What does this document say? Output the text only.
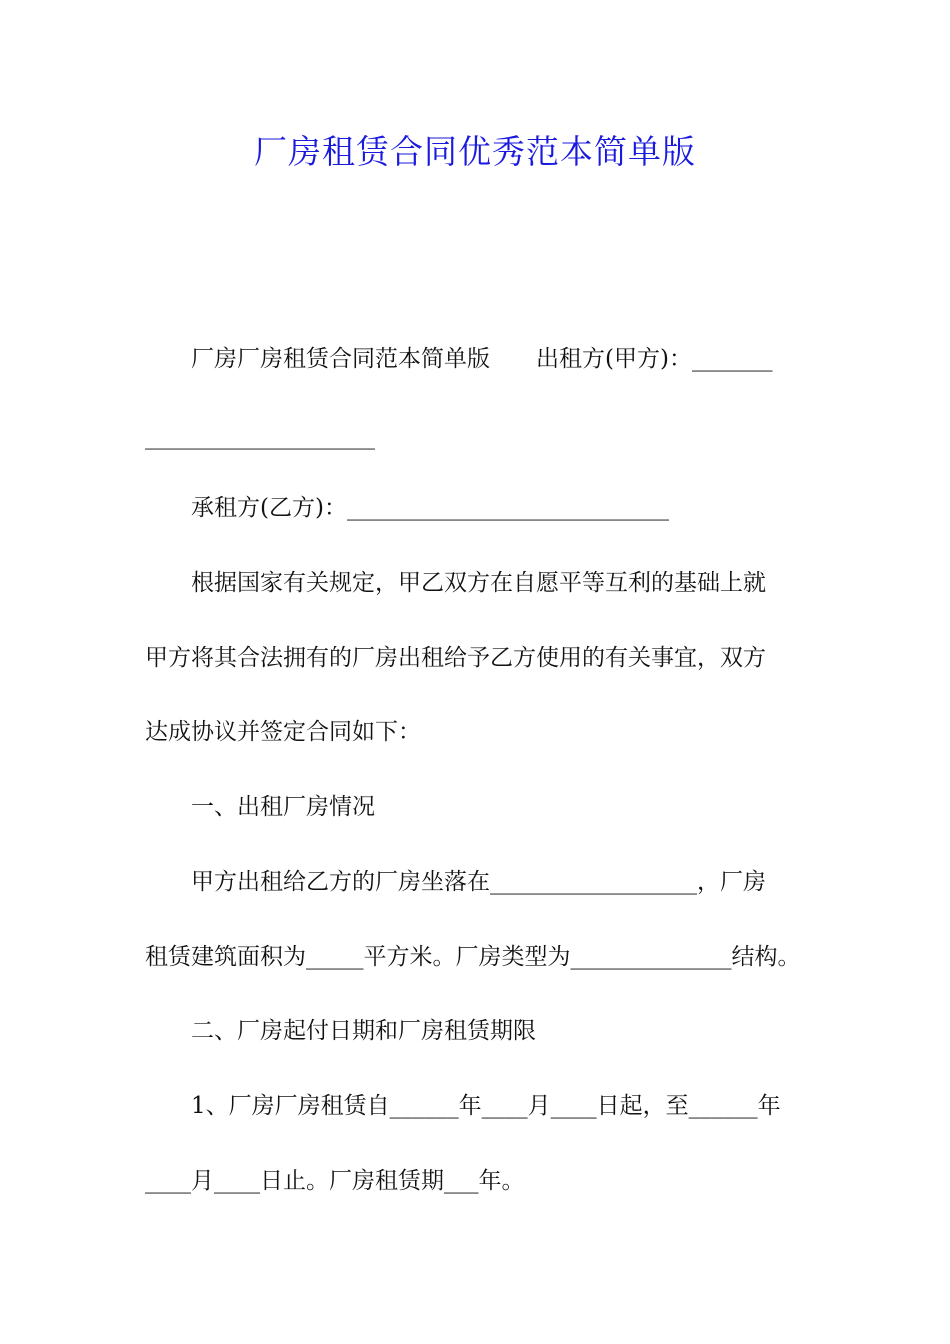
厂房租赁合同优秀范本简单版
　　厂房厂房租赁合同范本简单版　　出租方(甲方)：_______
____________________
　　承租方(乙方)：____________________________
　　根据国家有关规定，甲乙双方在自愿平等互利的基础上就
甲方将其合法拥有的厂房出租给予乙方使用的有关事宜，双方
达成协议并签定合同如下：
　　一、出租厂房情况
　　甲方出租给乙方的厂房坐落在__________________，厂房
租赁建筑面积为_____平方米。厂房类型为______________结构。
　　二、厂房起付日期和厂房租赁期限
　　1、厂房厂房租赁自______年____月____日起，至______年
____月____日止。厂房租赁期___年。
